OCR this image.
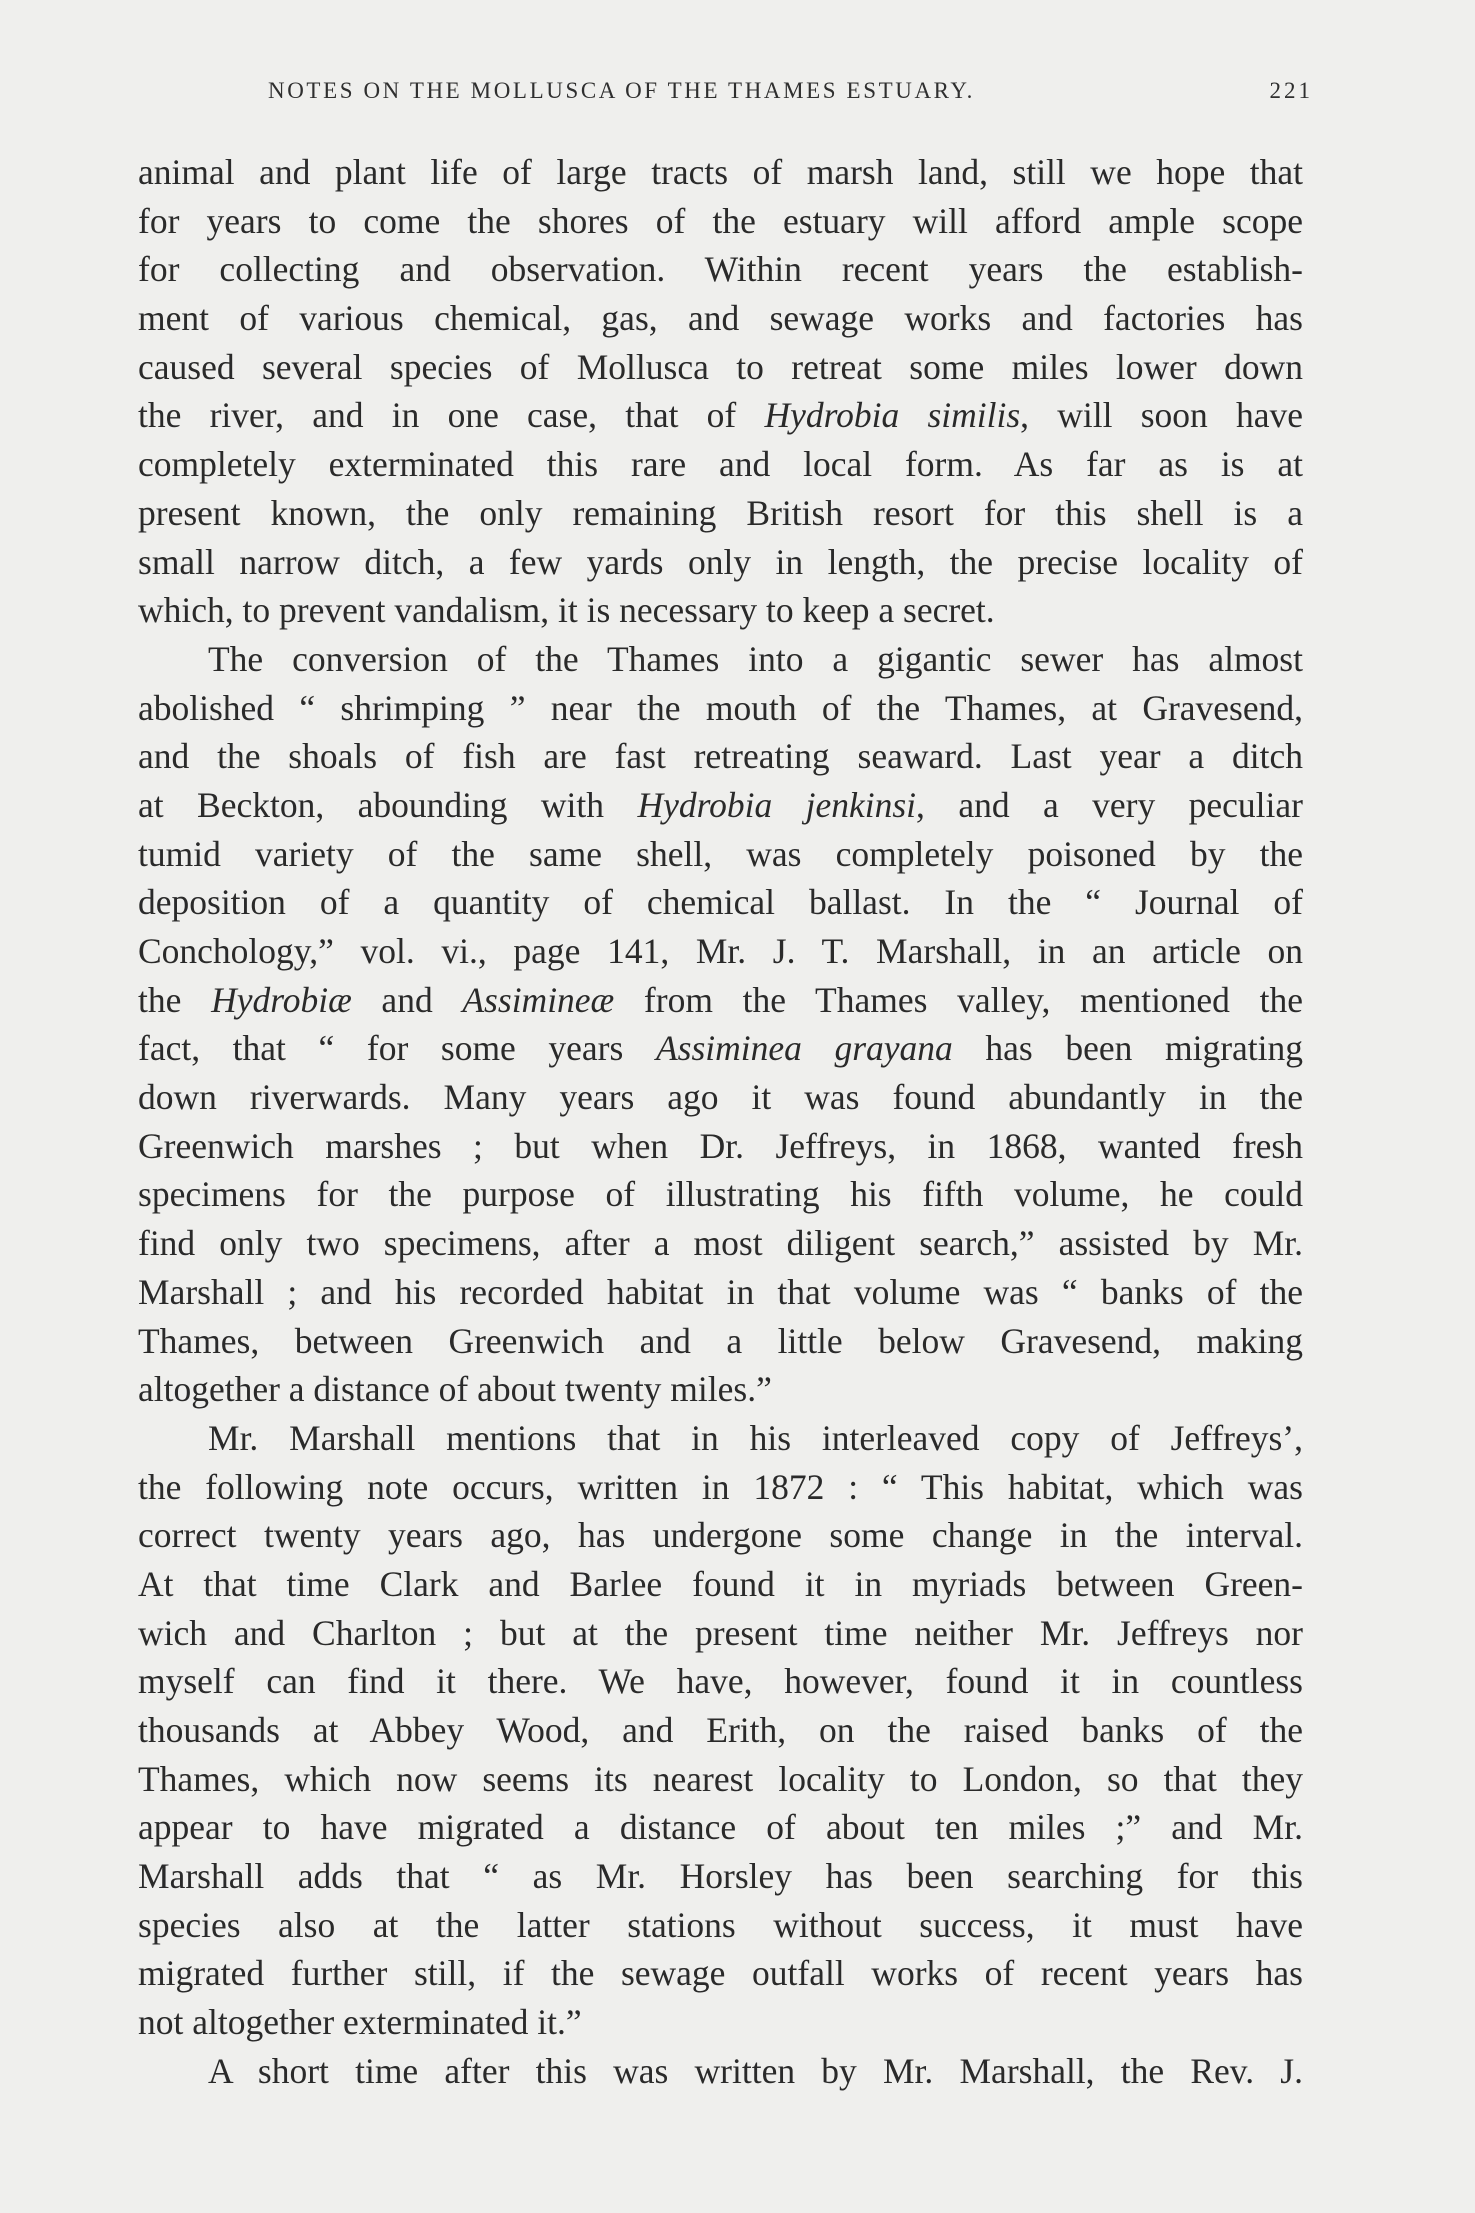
NOTES ON THE MOLLUSCA OF THE THAMES ESTUARY.	221
animal and plant life of large tracts of marsh land, still we hope that
for years to come the shores of the estuary will afford ample scope
for collecting and observation. Within recent years the establish-
ment of various chemical, gas, and sewage works and factories has
caused several species of Mollusca to retreat some miles lower down
the river, and in one case, that of Hydrobia similis, will soon have
completely exterminated this rare and local form. As far as is at
present known, the only remaining British resort for this shell is a
small narrow ditch, a few yards only in length, the precise locality of
which, to prevent vandalism, it is necessary to keep a secret.
The conversion of the Thames into a gigantic sewer has almost
abolished “ shrimping ” near the mouth of the Thames, at Gravesend,
and the shoals of fish are fast retreating seaward. Last year a ditch
at Beckton, abounding with Hydrobia jenkinsi, and a very peculiar
tumid variety of the same shell, was completely poisoned by the
deposition of a quantity of chemical ballast. In the “ Journal of
Conchology,” vol. vi., page 141, Mr. J. T. Marshall, in an article on
the Hydrobiæ and Assimineæ from the Thames valley, mentioned the
fact, that “ for some years Assiminea grayana has been migrating
down riverwards. Many years ago it was found abundantly in the
Greenwich marshes ; but when Dr. Jeffreys, in 1868, wanted fresh
specimens for the purpose of illustrating his fifth volume, he could
find only two specimens, after a most diligent search,” assisted by Mr.
Marshall ; and his recorded habitat in that volume was “ banks of the
Thames, between Greenwich and a little below Gravesend, making
altogether a distance of about twenty miles.”
Mr. Marshall mentions that in his interleaved copy of Jeffreys’,
the following note occurs, written in 1872 : “ This habitat, which was
correct twenty years ago, has undergone some change in the interval.
At that time Clark and Barlee found it in myriads between Green-
wich and Charlton ; but at the present time neither Mr. Jeffreys nor
myself can find it there. We have, however, found it in countless
thousands at Abbey Wood, and Erith, on the raised banks of the
Thames, which now seems its nearest locality to London, so that they
appear to have migrated a distance of about ten miles ;” and Mr.
Marshall adds that “ as Mr. Horsley has been searching for this
species also at the latter stations without success, it must have
migrated further still, if the sewage outfall works of recent years has
not altogether exterminated it.”
A short time after this was written by Mr. Marshall, the Rev. J.
